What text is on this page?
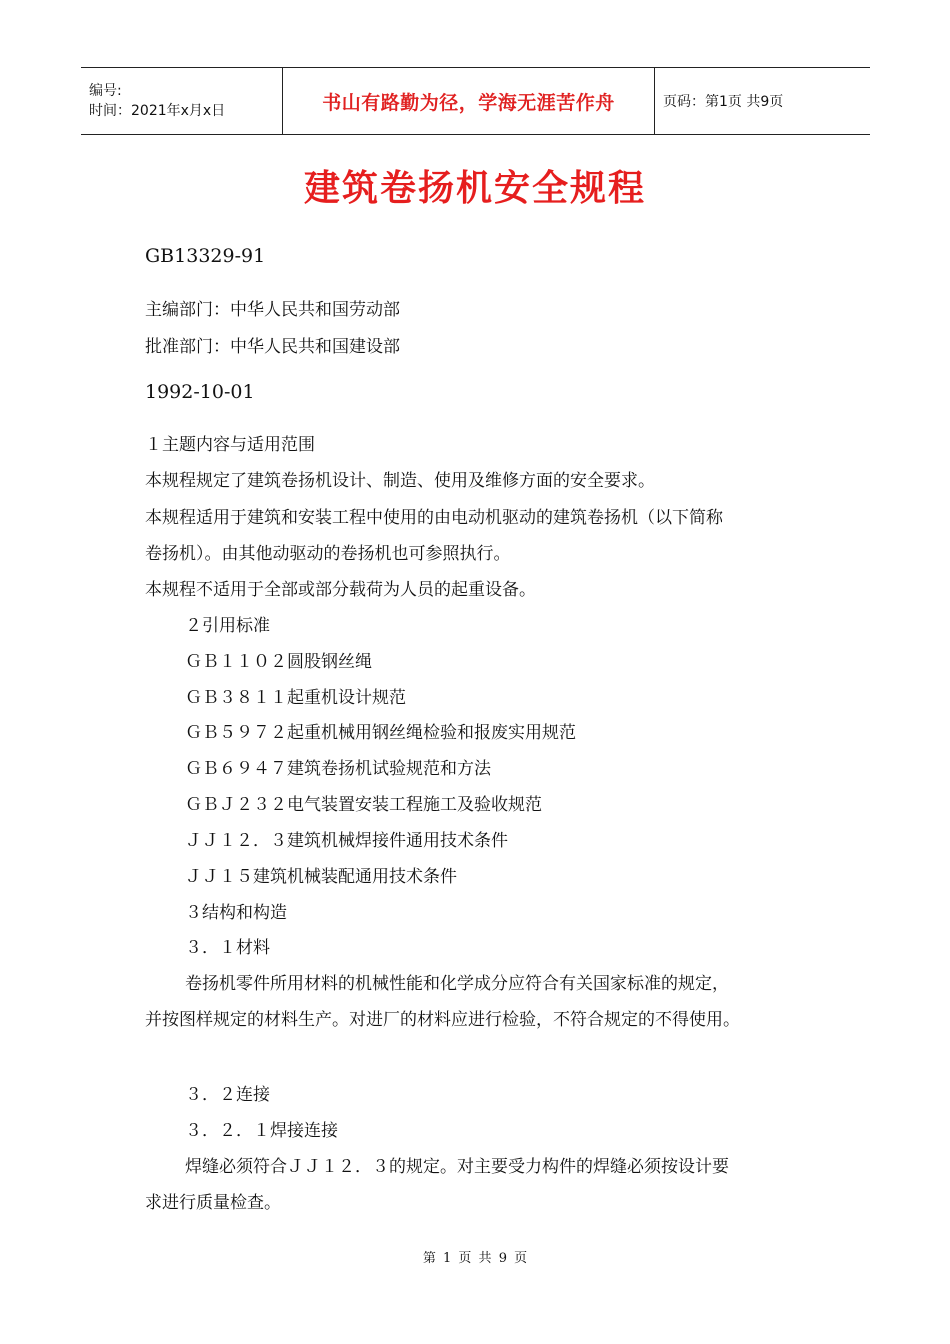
编号:
时间：2021年x月x日	书山有路勤为径，学海无涯苦作舟	页码：第1页 共9页
建筑卷扬机安全规程
GB13329-91
主编部门：中华人民共和国劳动部
批准部门：中华人民共和国建设部
1992-10-01
１主题内容与适用范围
本规程规定了建筑卷扬机设计、制造、使用及维修方面的安全要求。
本规程适用于建筑和安装工程中使用的由电动机驱动的建筑卷扬机（以下简称
卷扬机）。由其他动驱动的卷扬机也可参照执行。
本规程不适用于全部或部分载荷为人员的起重设备。
２引用标准
ＧＢ１１０２圆股钢丝绳
ＧＢ３８１１起重机设计规范
ＧＢ５９７２起重机械用钢丝绳检验和报废实用规范
ＧＢ６９４７建筑卷扬机试验规范和方法
ＧＢＪ２３２电气装置安装工程施工及验收规范
ＪＪ１２．３建筑机械焊接件通用技术条件
ＪＪ１５建筑机械装配通用技术条件
３结构和构造
３．１材料
卷扬机零件所用材料的机械性能和化学成分应符合有关国家标准的规定，
并按图样规定的材料生产。对进厂的材料应进行检验，不符合规定的不得使用。
３．２连接
３．２．１焊接连接
焊缝必须符合ＪＪ１２．３的规定。对主要受力构件的焊缝必须按设计要
求进行质量检查。
第 1 页 共 9 页
